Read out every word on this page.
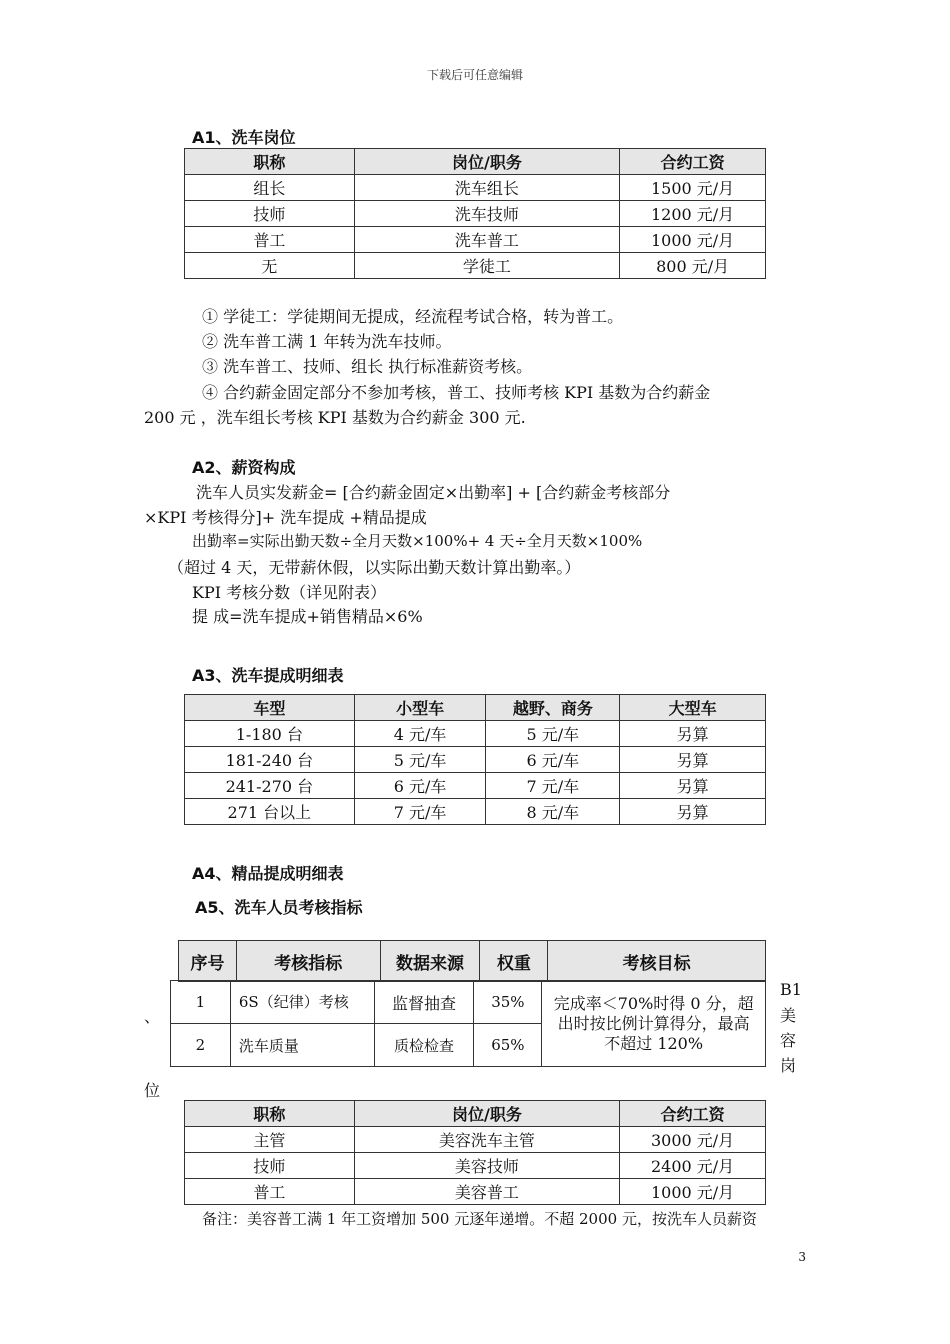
下载后可任意编辑
A1、洗车岗位
职称	岗位/职务	合约工资
组长	洗车组长	1500 元/月
技师	洗车技师	1200 元/月
普工	洗车普工	1000 元/月
无	学徒工	800 元/月
① 学徒工：学徒期间无提成，经流程考试合格，转为普工。
② 洗车普工满 1 年转为洗车技师。
③ 洗车普工、技师、组长 执行标准薪资考核。
④ 合约薪金固定部分不参加考核，普工、技师考核 KPI 基数为合约薪金
200 元 ，洗车组长考核 KPI 基数为合约薪金 300 元.
A2、薪资构成
洗车人员实发薪金= [合约薪金固定×出勤率] + [合约薪金考核部分
×KPI 考核得分]+ 洗车提成 +精品提成
出勤率=实际出勤天数÷全月天数×100%+ 4 天÷全月天数×100%
（超过 4 天，无带薪休假，以实际出勤天数计算出勤率。）
KPI 考核分数（详见附表）
提 成=洗车提成+销售精品×6%
A3、洗车提成明细表
车型	小型车	越野、商务	大型车
1-180 台	4 元/车	5 元/车	另算
181-240 台	5 元/车	6 元/车	另算
241-270 台	6 元/车	7 元/车	另算
271 台以上	7 元/车	8 元/车	另算
A4、精品提成明细表
A5、洗车人员考核指标
序号	考核指标	数据来源	权重	考核目标
1	6S（纪律）考核	监督抽查	35%	完成率＜70%时得 0 分，超出时按比例计算得分，最高不超过 120%
2	洗车质量	质检检查	65%	
、
B1
美
容
岗
位
职称	岗位/职务	合约工资
主管	美容洗车主管	3000 元/月
技师	美容技师	2400 元/月
普工	美容普工	1000 元/月
备注：美容普工满 1 年工资增加 500 元逐年递增。不超 2000 元，按洗车人员薪资
3
